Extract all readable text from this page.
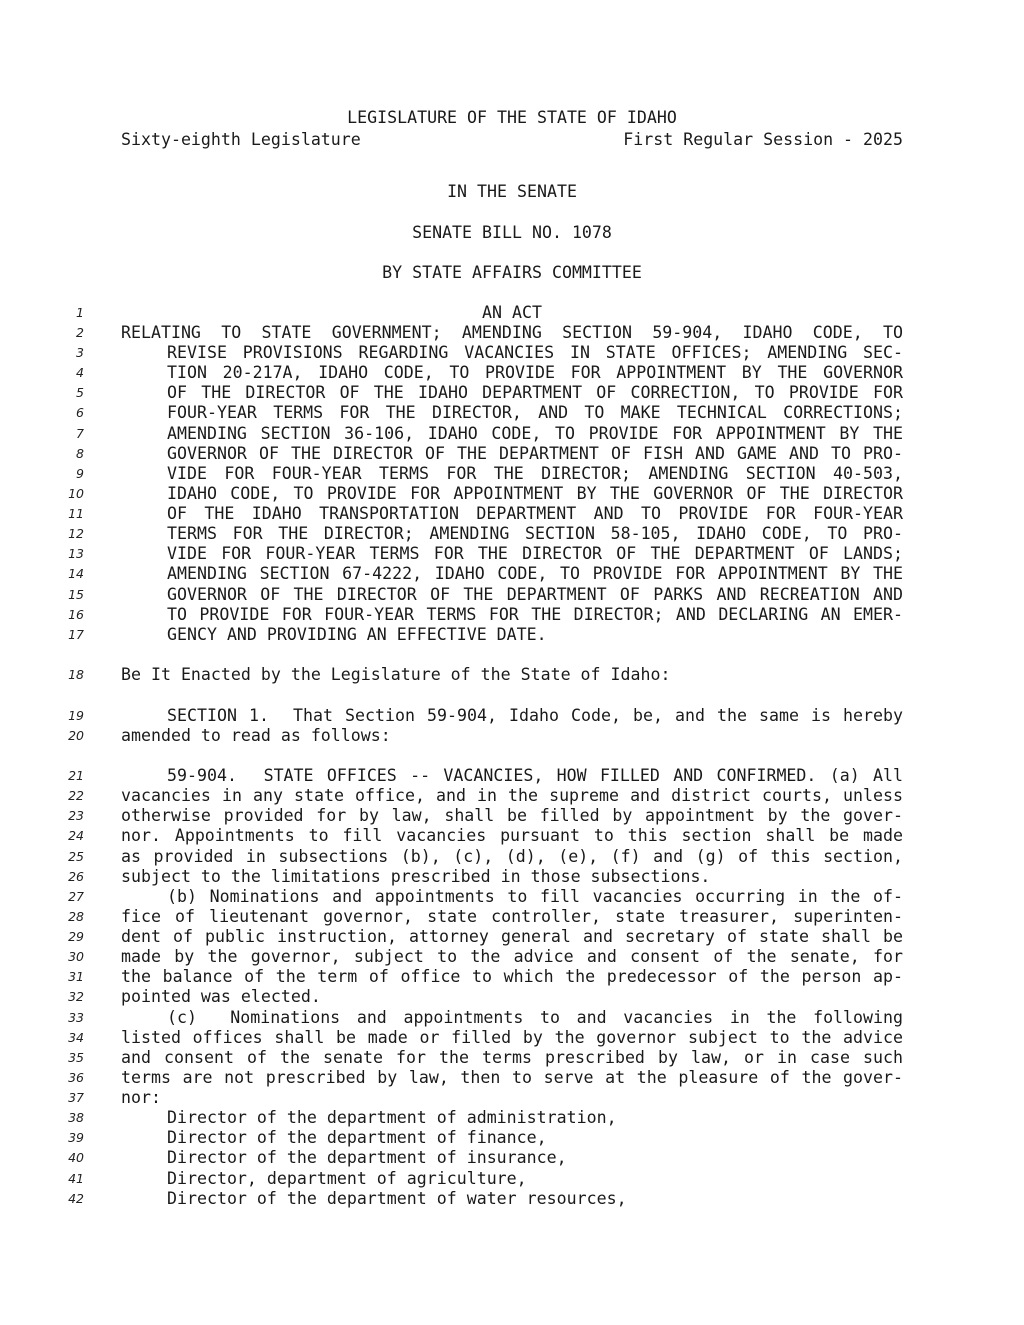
LEGISLATURE OF THE STATE OF IDAHO
Sixty-eighth Legislature	First Regular Session - 2025
IN THE SENATE
SENATE BILL NO. 1078
BY STATE AFFAIRS COMMITTEE
1	AN ACT
2 RELATING TO STATE GOVERNMENT; AMENDING SECTION 59-904, IDAHO CODE, TO
3	REVISE PROVISIONS REGARDING VACANCIES IN STATE OFFICES; AMENDING SEC-
4	TION 20-217A, IDAHO CODE, TO PROVIDE FOR APPOINTMENT BY THE GOVERNOR
5	OF THE DIRECTOR OF THE IDAHO DEPARTMENT OF CORRECTION, TO PROVIDE FOR
6	FOUR-YEAR TERMS FOR THE DIRECTOR, AND TO MAKE TECHNICAL CORRECTIONS;
7	AMENDING SECTION 36-106, IDAHO CODE, TO PROVIDE FOR APPOINTMENT BY THE
8	GOVERNOR OF THE DIRECTOR OF THE DEPARTMENT OF FISH AND GAME AND TO PRO-
9	VIDE FOR FOUR-YEAR TERMS FOR THE DIRECTOR; AMENDING SECTION 40-503,
10	IDAHO CODE, TO PROVIDE FOR APPOINTMENT BY THE GOVERNOR OF THE DIRECTOR
11	OF THE IDAHO TRANSPORTATION DEPARTMENT AND TO PROVIDE FOR FOUR-YEAR
12	TERMS FOR THE DIRECTOR; AMENDING SECTION 58-105, IDAHO CODE, TO PRO-
13	VIDE FOR FOUR-YEAR TERMS FOR THE DIRECTOR OF THE DEPARTMENT OF LANDS;
14	AMENDING SECTION 67-4222, IDAHO CODE, TO PROVIDE FOR APPOINTMENT BY THE
15	GOVERNOR OF THE DIRECTOR OF THE DEPARTMENT OF PARKS AND RECREATION AND
16	TO PROVIDE FOR FOUR-YEAR TERMS FOR THE DIRECTOR; AND DECLARING AN EMER-
17	GENCY AND PROVIDING AN EFFECTIVE DATE.
18 Be It Enacted by the Legislature of the State of Idaho:
19	SECTION 1.  That Section 59-904, Idaho Code, be, and the same is hereby
20 amended to read as follows:
21	59-904.  STATE OFFICES -- VACANCIES, HOW FILLED AND CONFIRMED. (a) All
22 vacancies in any state office, and in the supreme and district courts, unless
23 otherwise provided for by law, shall be filled by appointment by the gover-
24 nor. Appointments to fill vacancies pursuant to this section shall be made
25 as provided in subsections (b), (c), (d), (e), (f) and (g) of this section,
26 subject to the limitations prescribed in those subsections.
27	(b) Nominations and appointments to fill vacancies occurring in the of-
28 fice of lieutenant governor, state controller, state treasurer, superinten-
29 dent of public instruction, attorney general and secretary of state shall be
30 made by the governor, subject to the advice and consent of the senate, for
31 the balance of the term of office to which the predecessor of the person ap-
32 pointed was elected.
33	(c)  Nominations and appointments to and vacancies in the following
34 listed offices shall be made or filled by the governor subject to the advice
35 and consent of the senate for the terms prescribed by law, or in case such
36 terms are not prescribed by law, then to serve at the pleasure of the gover-
37 nor:
38	Director of the department of administration,
39	Director of the department of finance,
40	Director of the department of insurance,
41	Director, department of agriculture,
42	Director of the department of water resources,
